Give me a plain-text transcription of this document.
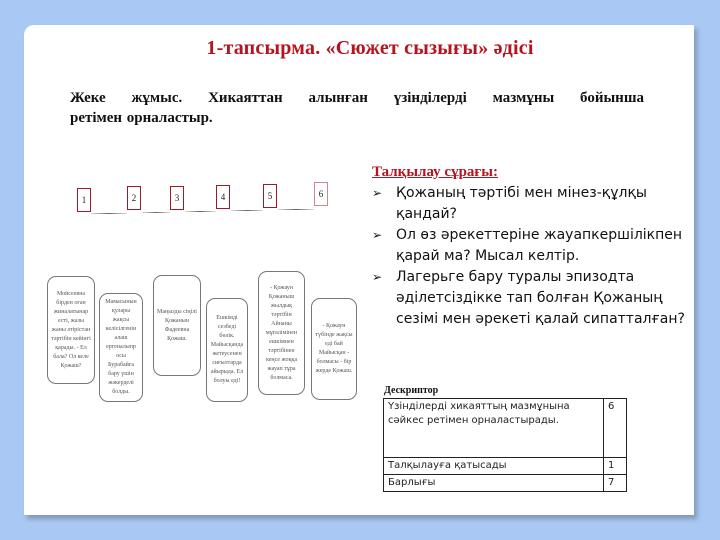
1-тапсырма. «Сюжет сызығы» әдісі
Жеке жұмыс. Хикаяттан алынған үзінділерді мазмұны бойынша
ретімен орналастыр.
1	2	3	4	5	6
Мойсеевна бірден оған жиналатынар есті, жазы жаны әтірістан тәртібін кейінгі қарады. - Ел бала? Ол келе Қожаш?
Мамасынын қулары жақсы келісілгенін алаш ергеналыпр осы Бурабайға бару үшін жәкерделі болды.
Маңызды сіңілі Қожанын Фадеевна Қожаш.
Ешкімді сезбеді бөлік. Майысқанда жетеусенен сиғылтарда айырыда. Ел болуы еді!
- Қожаун Қожаныш жылдық тәртібін Айнаны мұғалімінен ешкімнен тәртібінен кеңсе жоққа жауап тұра болмаса.
- Қожаун түбінде жақсы еді бай Майысқан - болмасы - бір жерде Қожаш.
Талқылау сұрағы:
➢ Қожаның тәртібі мен мінез-құлқы қандай?
➢ Ол өз әрекеттеріне жауапкершілікпен қарай ма? Мысал келтір.
➢ Лагерьге бару туралы эпизодта әділетсіздікке тап болған Қожаның сезімі мен әрекеті қалай сипатталған?
Дескриптор
Үзінділерді хикаяттың мазмұнына сәйкес ретімен орналастырады.	6
Талқылауға қатысады	1
Барлығы	7
